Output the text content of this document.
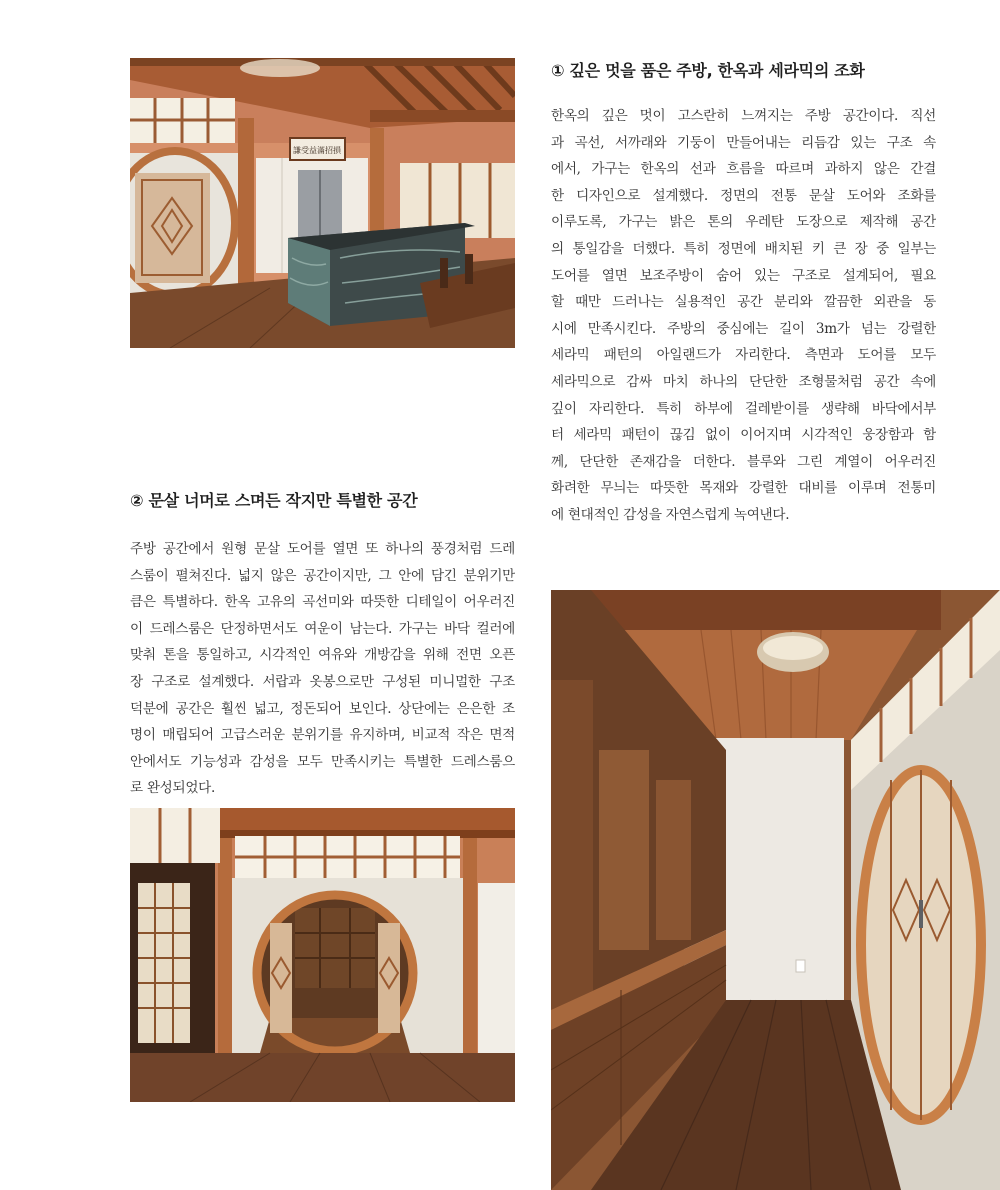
謙受益滿招損
① 깊은 멋을 품은 주방, 한옥과 세라믹의 조화
한옥의 깊은 멋이 고스란히 느껴지는 주방 공간이다. 직선
과 곡선, 서까래와 기둥이 만들어내는 리듬감 있는 구조 속
에서, 가구는 한옥의 선과 흐름을 따르며 과하지 않은 간결
한 디자인으로 설계했다. 정면의 전통 문살 도어와 조화를
이루도록, 가구는 밝은 톤의 우레탄 도장으로 제작해 공간
의 통일감을 더했다. 특히 정면에 배치된 키 큰 장 중 일부는
도어를 열면 보조주방이 숨어 있는 구조로 설계되어, 필요
할 때만 드러나는 실용적인 공간 분리와 깔끔한 외관을 동
시에 만족시킨다. 주방의 중심에는 길이 3m가 넘는 강렬한
세라믹 패턴의 아일랜드가 자리한다. 측면과 도어를 모두
세라믹으로 감싸 마치 하나의 단단한 조형물처럼 공간 속에
깊이 자리한다. 특히 하부에 걸레받이를 생략해 바닥에서부
터 세라믹 패턴이 끊김 없이 이어지며 시각적인 웅장함과 함
께, 단단한 존재감을 더한다. 블루와 그린 계열이 어우러진
화려한 무늬는 따뜻한 목재와 강렬한 대비를 이루며 전통미
에 현대적인 감성을 자연스럽게 녹여낸다.
② 문살 너머로 스며든 작지만 특별한 공간
주방 공간에서 원형 문살 도어를 열면 또 하나의 풍경처럼 드레
스룸이 펼쳐진다. 넓지 않은 공간이지만, 그 안에 담긴 분위기만
큼은 특별하다. 한옥 고유의 곡선미와 따뜻한 디테일이 어우러진
이 드레스룸은 단정하면서도 여운이 남는다. 가구는 바닥 컬러에
맞춰 톤을 통일하고, 시각적인 여유와 개방감을 위해 전면 오픈
장 구조로 설계했다. 서랍과 옷봉으로만 구성된 미니멀한 구조
덕분에 공간은 훨씬 넓고, 정돈되어 보인다. 상단에는 은은한 조
명이 매립되어 고급스러운 분위기를 유지하며, 비교적 작은 면적
안에서도 기능성과 감성을 모두 만족시키는 특별한 드레스룸으
로 완성되었다.
